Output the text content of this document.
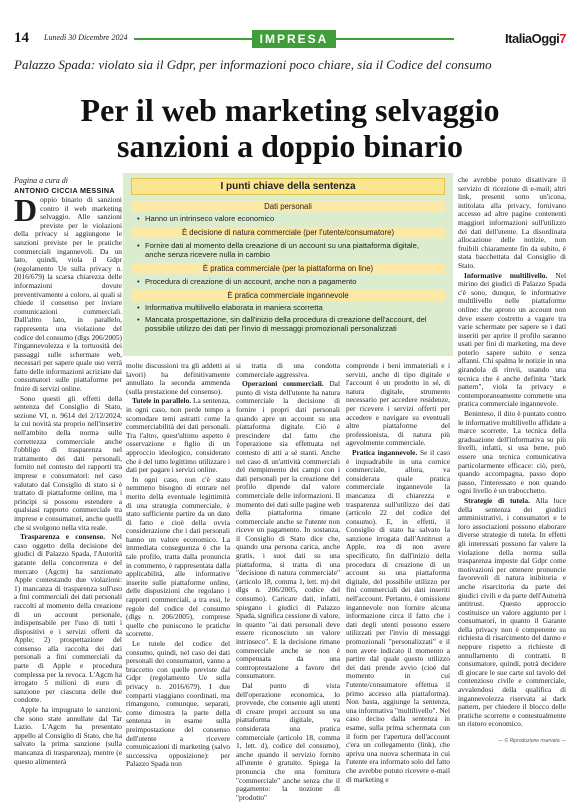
14 Lunedì 30 Dicembre 2024	IMPRESA	ItaliaOggi7
Palazzo Spada: violato sia il Gdpr, per informazioni poco chiare, sia il Codice del consumo
Per il web marketing selvaggio
sanzioni a doppio binario
Pagina a cura di
ANTONIO CICCIA MESSINA

Doppio binario di sanzioni contro il web marketing selvaggio. Alle sanzioni previste per le violazioni della privacy si aggiungone le sanzioni previste per le pratiche commerciali ingannevoli. Da un lato, quindi, viola il Gdpr (regolamento Ue sulla privacy n. 2016/679) la scarsa chiarezza delle informazioni dovute preventivamente a coloro, ai quali si chiede il consenso per inviare comunicazioni commerciali. Dall'altro lato, in parallelo, rappresenta una violazione del codice del consumo (dlgs 206/2005) l'ingannevolezza e la tortuosità dei passaggi sulle schermate web, necessari per sapere quale uso verrà fatto delle informazioni acriziate dai consumatori sulle piattaforme per fruire di servizi online.

Sono questi gli effetti della sentenza del Consiglio di Stato, sezione VI, n. 9614 del 2/12/2024, la cui novità sta proprio nell'inserire nell'ambito della norma sulle correttezza commerciale anche l'obbligo di trasparenza nel trattamento dei dati personali, fornito nel contesto del rapporti tra imprese e consumatori: nel caso valutato dal Consiglio di stato si è trattato di piattaforme online, ma i principi si possono estendere a qualsiasi rapporto commerciale tra imprese e consumatori, anche quelli che si svolgono nella vita reale.

Trasparenza e consenso. Nel caso oggetto della decisione dei giudici di Palazzo Spada, l'Autorità garante della concorrenza e del mercato (Agcm) ha sanzionato Apple contestando due violazioni: 1) mancanza di trasparenza sull'uso a fini commerciali dei dati personali raccolti al momento della creazione di un account personale, indispensabile per l'uso di tutti i dispositivi e i servizi offerti da Apple; 2) prospettazione del consenso alla raccolta dei dati personali a fini commerciali da parte di Apple e procedura complessa per la revoca. L'Agcm ha irrogato 5 milioni di euro di sanzione per ciascuna delle due condotte.

Apple ha impugnato le sanzioni, che sono state annullate dal Tar Lazio. L'Agcm ha presentato appello al Consiglio di Stato, che ha salvato la prima sanzione (sulla mancanza di trasparenza), mentre (e questo alimenterà

I punti chiave della sentenza
Dati personali
• Hanno un intrinseco valore economico
È decisione di natura commerciale (per l'utente/consumatore)
• Fornire dati al momento della creazione di un account su una piattaforma digitale, anche senza ricevere nulla in cambio
È pratica commerciale (per la piattaforma on line)
• Procedura di creazione di un account, anche non a pagamento
È pratica commerciale ingannevole
• Informativa multilivello elaborata in maniera scorretta
• Mancata prospettazione, sin dall'inizio della procedura di creazione dell'account, del possibile utilizzo dei dati per l'invio di messaggi promozionali personalizzati

molte discussioni tra gli addetti ai lavori) ha definitivamente annullato la seconda ammenda (sulla prestazione del consenso).

Tutele in parallelo. La sentenza, in ogni caso, non perde tempo a scomodare temi astratti come la commerciabilità dei dati personali. Tra l'altro, quest'ultimo aspetto è osservazione e figlio di un approccio ideologico, considerato che è del tutto legittimo utilizzare i dati per pagare i servizi online.

In ogni caso, non c'è stato nemmeno bisogno di entrare nel merito della eventuale legittimità di una strategia commerciale, è stato sufficiente partire da un dato di fatto e cioè della ovvia considerazione che i dati personali hanno un valore economico. La immediata conseguenza è che la tale profilo, tratta dalla pronuncia in commento, è rappresentata dalla applicabilità, alle informative inserite sulle piattaforme online, delle disposizioni che regolano i rapporti commerciali, a tra essi, le regole del codice del consumo (dlgs n. 206/2005), comprese quelle che puniscono le pratiche scorrette.

Le tutele del codice del consumo, quindi, nel caso dei dati personali dei consumatori, vanno a braccetto con quelle previste dal Gdpr (regolamento Ue sulla privacy n. 2016/679). I due comparti viaggiano coordinati, ma rimangono, comunque, separati, come dimostra la parte della sentenza in esame sulla preimpostazione del consenso dell'utente a ricevere comunicazioni di marketing (salvo successiva opposizione): per Palazzo Spada non

si tratta di una condotta commerciale aggressiva.

Operazioni commerciali. Dal punto di vista dell'utente ha natura commerciale la decisione di fornire i propri dati personali quando apre un account su una piattaforma digitale. Ciò è prescindere dal fatto che l'operazione sia effettuata nel contesto di atti a sé stanti. Anche nel caso di un'attività commerciali del riempimento dei campi con i dati personali per la creazione del profilo dipende dal valore commerciale delle informazioni. Il momento dei dati sulle pagine web della piattaforma rimane commerciale anche se l'utente non riceve un pagamento. In sostanza, il Consiglio di Stato dice che, quando una persona carica, anche gratis, i suoi dati su una piattaforma, si tratta di una "decisione di natura commerciale" (articolo 18, comma 1, lett. m) del dlgs n. 206/2005, codice del consumo). Caricare dati, infatti, spiegano i giudici di Palazzo Spada, significa cessione di valore, in quanto "ai dati personali deve essere riconosciuto un valore intrinseco". E la decisione rimane commerciale anche se non è compensata da una controprestazione a favore del consumatore.

Dal punto di vista dell'operazione economica, lo provvede, che consente agli utenti di creare propri account su una piattaforma digitale, va considerata una pratica commerciale (articolo 18, comma 1, lett. d), codice del consumo), anche quando il servizio fornito all'utente è gratuito. Spiega la pronuncia che una fornitura "commerciale" anche senza che il pagamento: la nozione di "prodotto"

comprende i beni immateriali e i servizi, anche di tipo digitale e l'account è un prodotto in sé, di natura digitale, strumento necessario per accedere residenze, per ricevere i servizi offerti per accedere e navigare su eventuali altre piattaforme del professionista, di natura più agevolmente commerciale.

Pratica ingannevole. Se il caso è inquadrabile in una cornice commerciale, allora, va considerata quale pratica commerciale ingannevole la mancanza di chiarezza e trasparenza sull'utilizzo dei dati (articolo 22 del codice del consumo). E, in effetti, il Consiglio di stato ha salvato la sanzione irrogata dall'Antitrust a Apple, rea di non avere specificato, fin dall'inizio della procedura di creazione di un account su una piattaforma digitale, del possibile utilizzo per fini commerciali dei dati inseriti nell'account. Pertanto, è omissione ingannevole non fornire alcuna informazione circa il fatto che i dati degli utenti possono essere utilizzati per l'invio di messaggi promozionali "personalizzati" e il non avere indicato il momento a partire dal quale questo utilizzo dei dati prende avvio (cioè dal momento in cui l'utente/consumatore effettua il primo accesso alla piattaforma). Non basta, aggiunge la sentenza, una informativa "multilivello". Nel caso deciso dalla sentenza in esame, sulla prima schermata con il form per l'apertura dell'account c'era un collegamento (link), che apriva una nuova schermata in cui l'utente era informato solo del fatto che avrebbe potuto ricevere e-mail di marketing e

che avrebbe potuto disattivare il servizio di ricezione di e-mail; altri link, presenti sotto un'icona, intitolata alla privacy, fornivano accesso ad altre pagine contenenti maggiori informazioni sull'utilizzo dei dati dell'utente. La disordinata allocazione delle notizie, non fruibili chiaramente fin da subito, è stata bacchettata dal Consiglio di Stato.

Informative multilivello. Nel mirino dei giudici di Palazzo Spada c'è sono, dunque, le informative multilivello nelle piattaforme online: che aprono un account non deve essere costretto a vagare tra varie schermate per sapere se i dati inseriti per aprire il profilo saranno usati per fini di marketing, ma deve poterlo sapere subito e senza affanni. Chi spalma le notizie in una girandola di rinvii, usando una tecnica che è anche definita "dark pattern", viola la privacy e contemporaneamente commette una pratica commerciale ingannevole.

Beninteso, il dito è puntato contro le informative multilivello affidate a marce scorrette. La tecnica della graduazione dell'informativa su più livelli, infatti, si usa bene, può essere una tecnica comunicativa particolarmente efficace: ciò, però, quando accompagna, passo dopo passo, l'interessato e non quando ogni livello è un trabocchetto.

Strategie di tutela. Alla luce della sentenza dei giudici amministrativi, i consumatori e le loro associazioni possono elaborare diverse strategie di tutela. In effetti gli interessati possono far valere la violazione della norma sulla trasparenza imposte dal Gdpr come motivazioni per ottenere pronuncie favorevoli di natura inibitoria e anche risarcitoria da parte dei giudici civili e da parte dell'Autorità antitrust. Questo approccio costituisce un valore aggiunto per i consumatori, in quanto il Garante della privacy non è competente su richiesta di risarcimento del danno e neppure rispetto a richieste di annullamento di contratti. Il consumatore, quindi, potrà decidere di giocare le sue carte sul tavolo del contenzioso civile e commerciale, avvalendosi della qualifica di ingannevolezza riservata ai dark pattern, per chiedere il blocco delle pratiche scorrette e contestualmente un ristoro economico.

— © Riproduzione riservata —
